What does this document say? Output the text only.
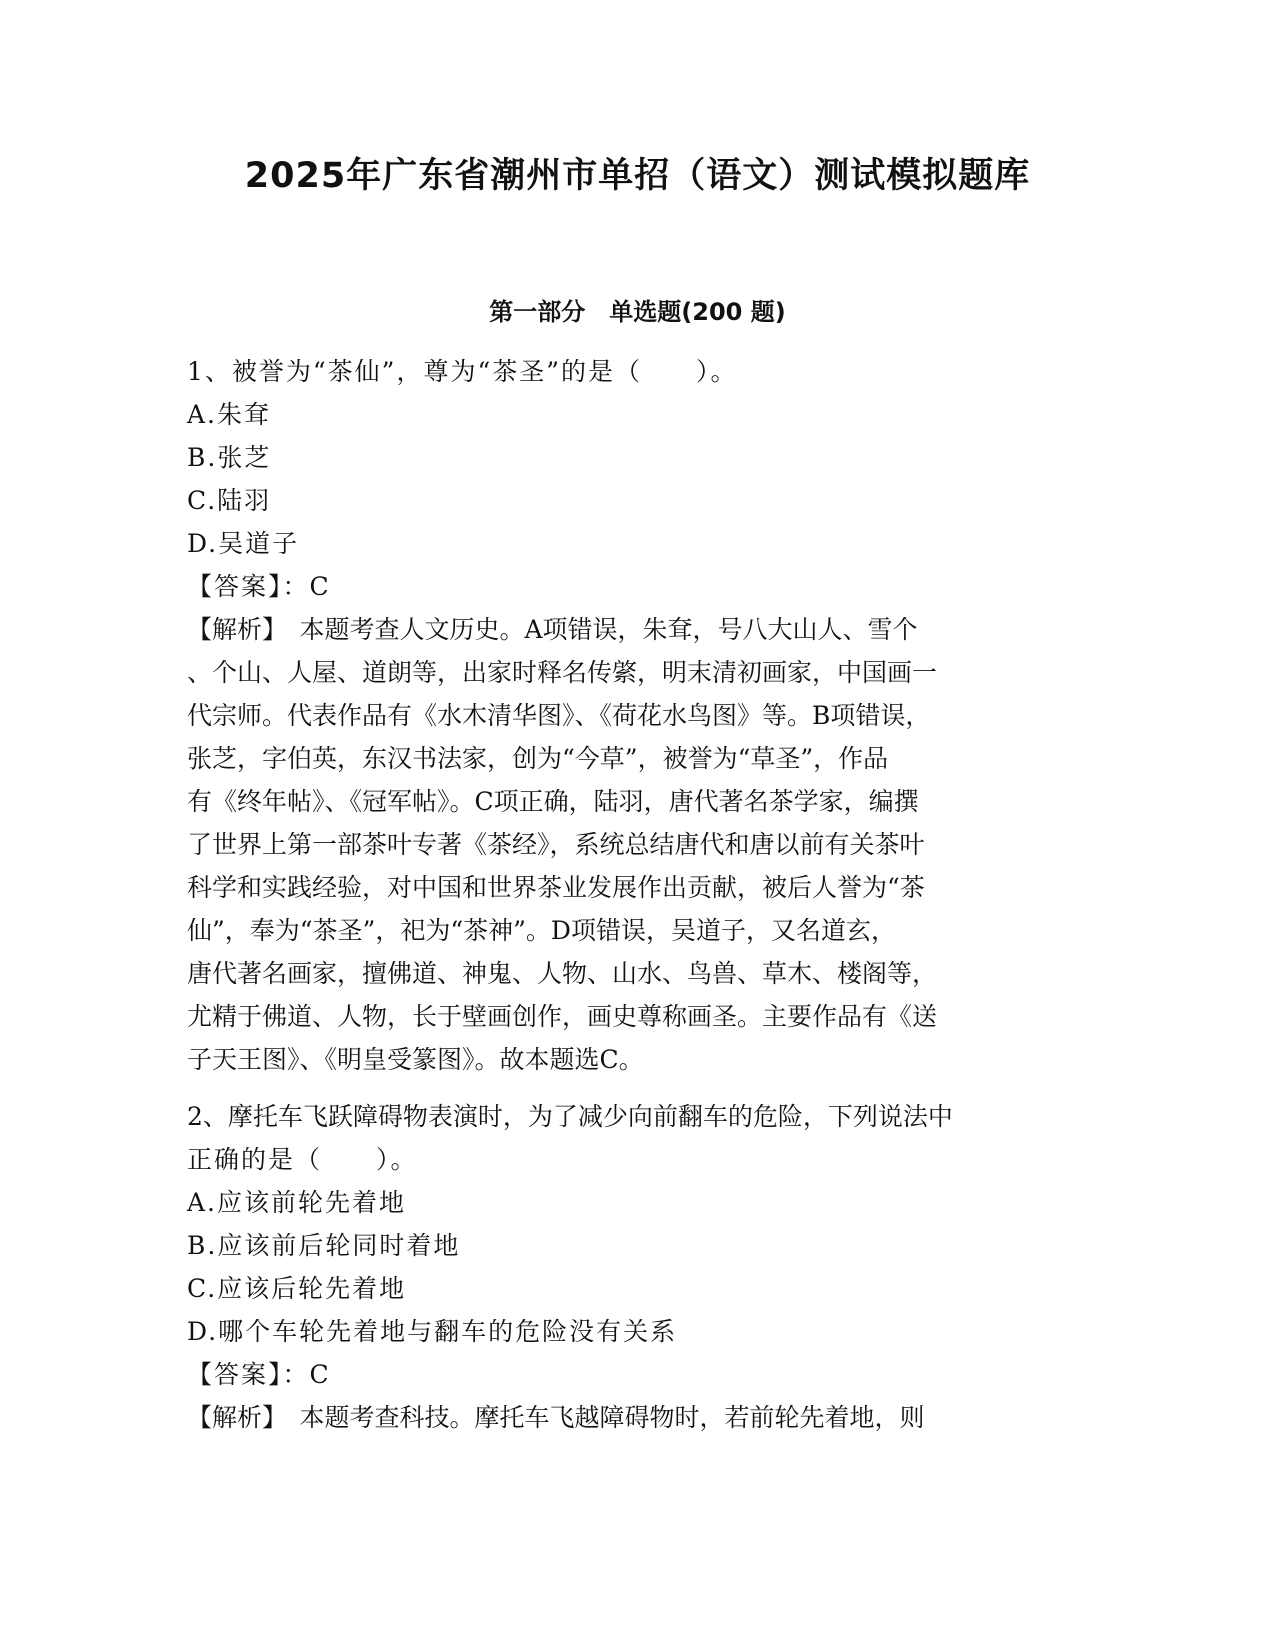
2025年广东省潮州市单招（语文）测试模拟题库
第一部分　单选题(200 题)
1、被誉为“茶仙”，尊为“茶圣”的是（　　）。
A.朱耷
B.张芝
C.陆羽
D.吴道子
【答案】：C
【解析】　本题考查人文历史。A项错误，朱耷，号八大山人、雪个
、个山、人屋、道朗等，出家时释名传綮，明末清初画家，中国画一
代宗师。代表作品有《水木清华图》、《荷花水鸟图》等。B项错误，
张芝，字伯英，东汉书法家，创为“今草”，被誉为“草圣”，作品
有《终年帖》、《冠军帖》。C项正确，陆羽，唐代著名茶学家，编撰
了世界上第一部茶叶专著《茶经》，系统总结唐代和唐以前有关茶叶
科学和实践经验，对中国和世界茶业发展作出贡献，被后人誉为“茶
仙”，奉为“茶圣”，祀为“茶神”。D项错误，吴道子，又名道玄，
唐代著名画家，擅佛道、神鬼、人物、山水、鸟兽、草木、楼阁等，
尤精于佛道、人物，长于壁画创作，画史尊称画圣。主要作品有《送
子天王图》、《明皇受篆图》。故本题选C。
2、摩托车飞跃障碍物表演时，为了减少向前翻车的危险，下列说法中
正确的是（　　）。
A.应该前轮先着地
B.应该前后轮同时着地
C.应该后轮先着地
D.哪个车轮先着地与翻车的危险没有关系
【答案】：C
【解析】　本题考查科技。摩托车飞越障碍物时，若前轮先着地，则
